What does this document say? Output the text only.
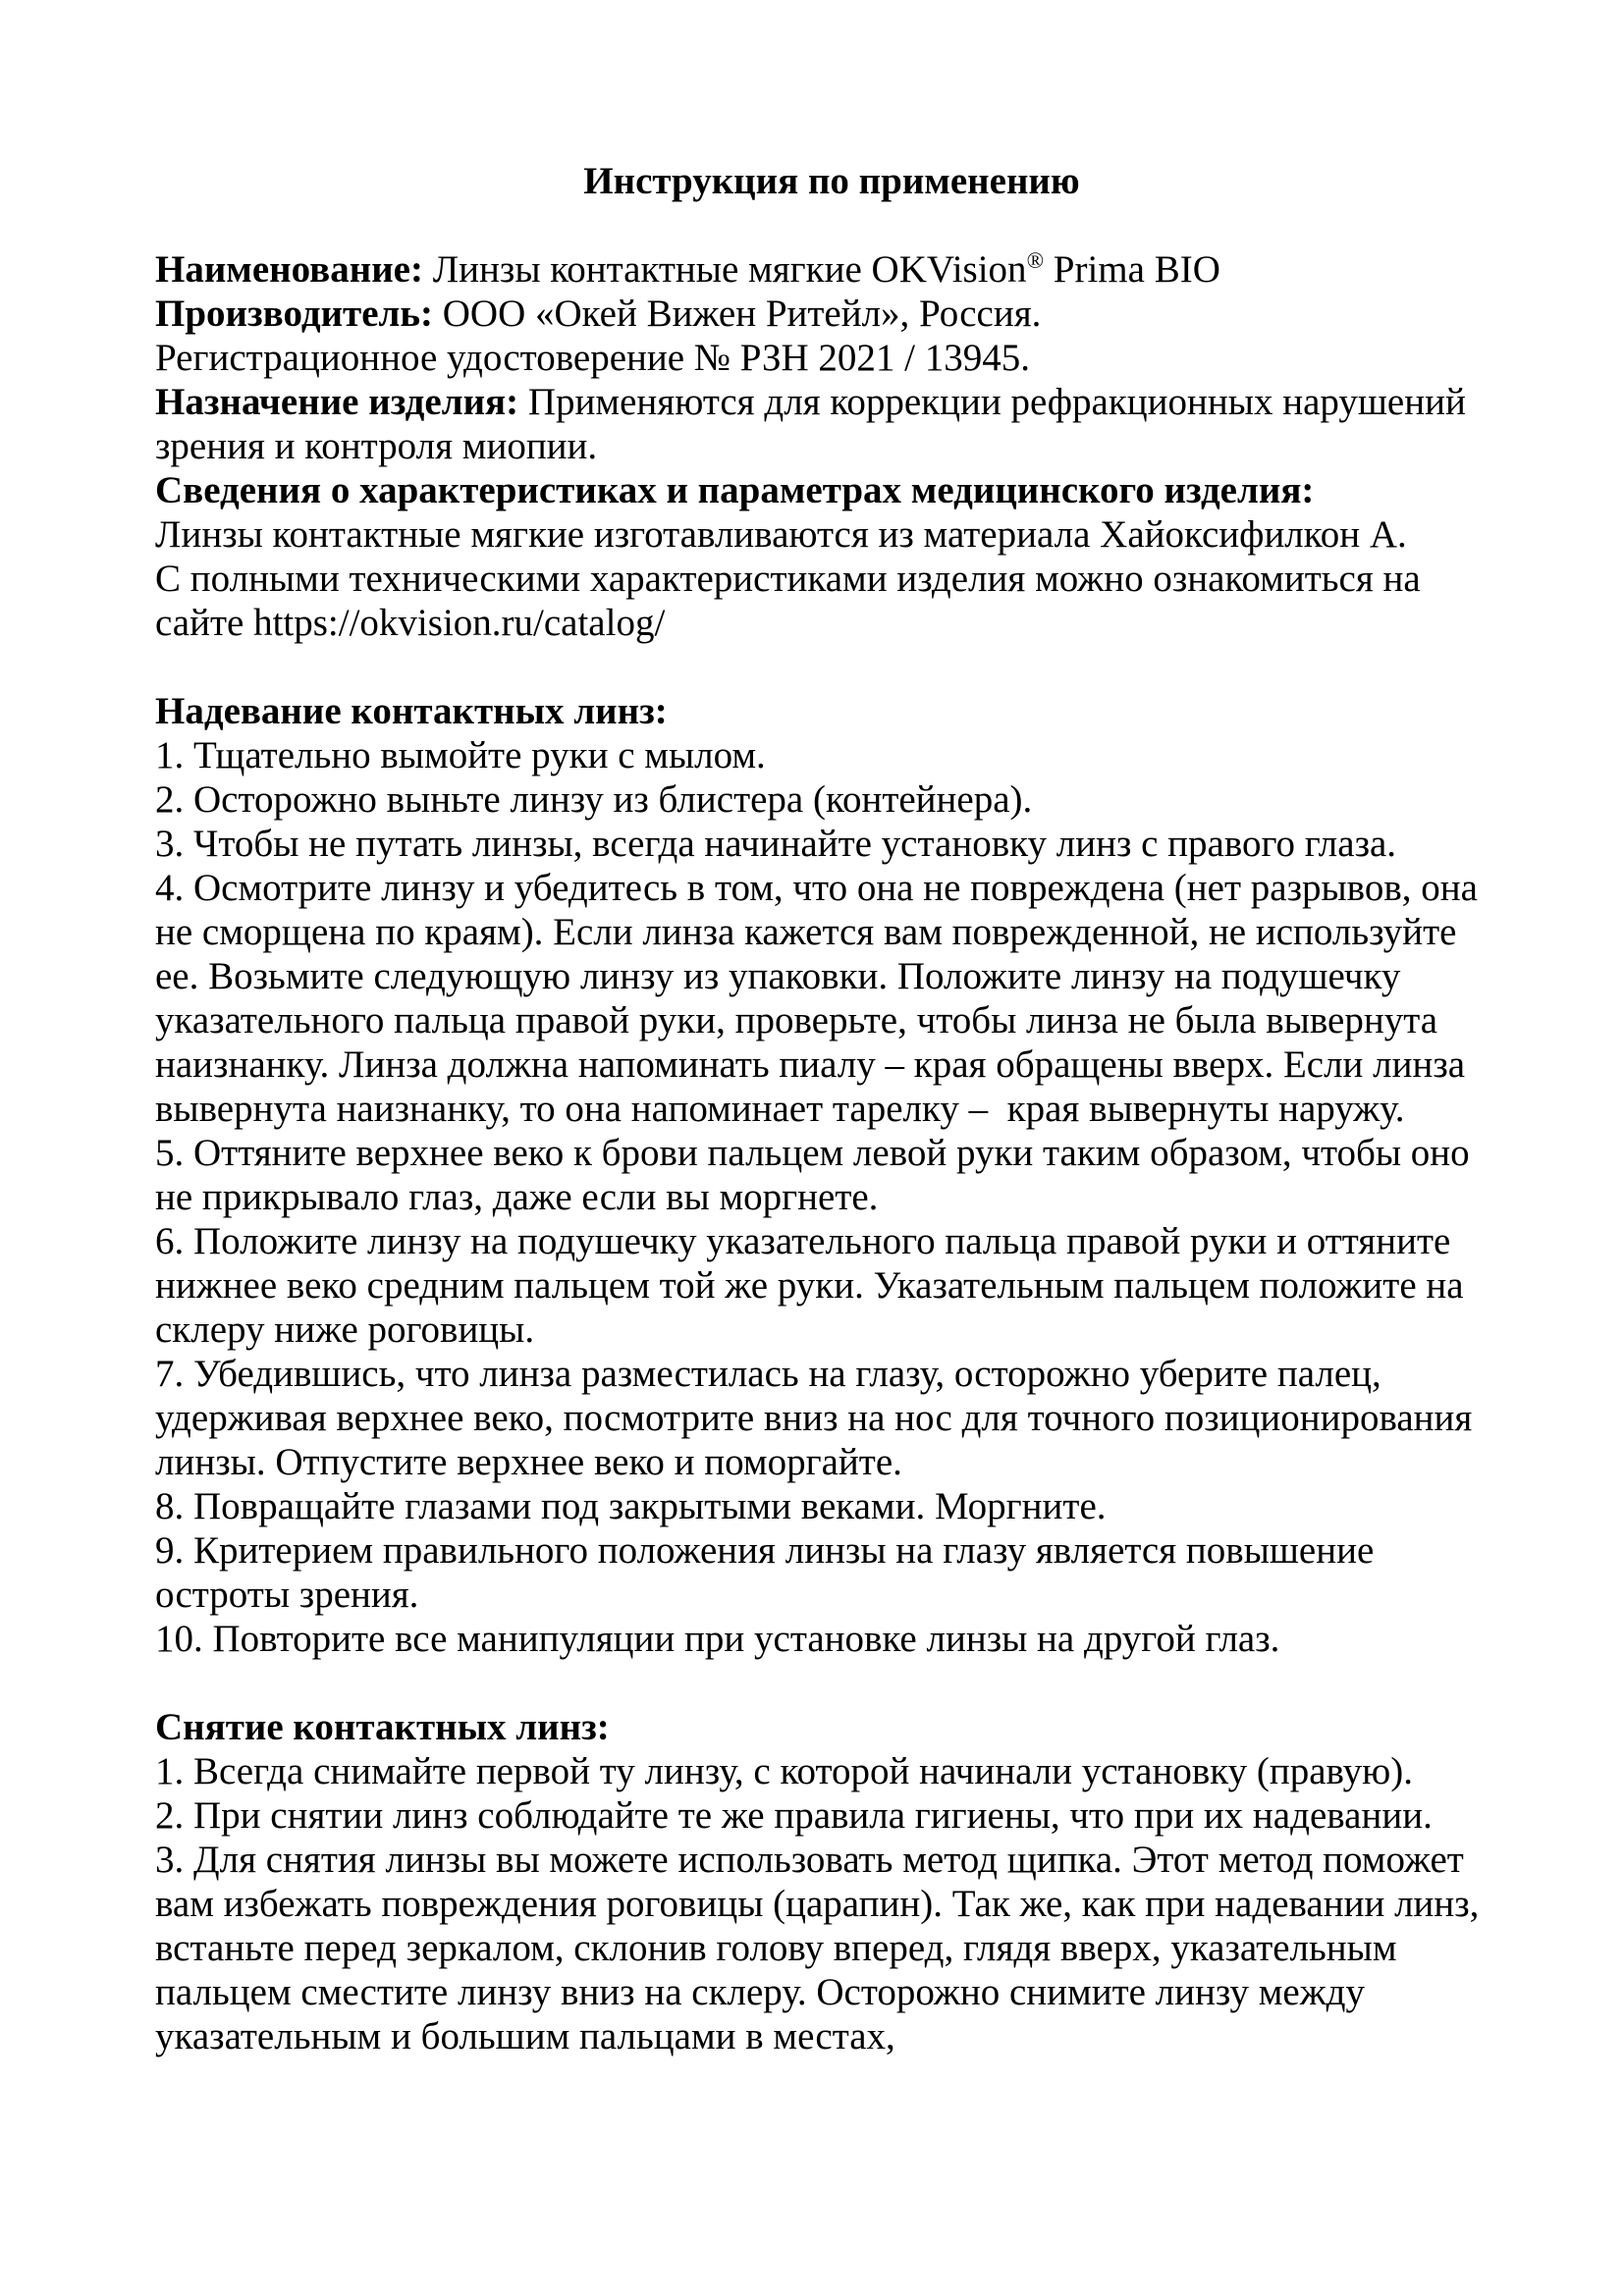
Инструкция по применению

Наименование: Линзы контактные мягкие OKVision® Prima BIO

Производитель: ООО «Окей Вижен Ритейл», Россия.

Регистрационное удостоверение № РЗН 2021 / 13945.

Назначение изделия: Применяются для коррекции рефракционных нарушений зрения и контроля миопии.

Сведения о характеристиках и параметрах медицинского изделия:

Линзы контактные мягкие изготавливаются из материала Хайоксифилкон А.

С полными техническими характеристиками изделия можно ознакомиться на сайте https://okvision.ru/catalog/

Надевание контактных линз:

1. Тщательно вымойте руки с мылом.

2. Осторожно выньте линзу из блистера (контейнера).

3. Чтобы не путать линзы, всегда начинайте установку линз с правого глаза.

4. Осмотрите линзу и убедитесь в том, что она не повреждена (нет разрывов, она не сморщена по краям). Если линза кажется вам поврежденной, не используйте ее. Возьмите следующую линзу из упаковки. Положите линзу на подушечку указательного пальца правой руки, проверьте, чтобы линза не была вывернута наизнанку. Линза должна напоминать пиалу – края обращены вверх. Если линза вывернута наизнанку, то она напоминает тарелку –  края вывернуты наружу.

5. Оттяните верхнее веко к брови пальцем левой руки таким образом, чтобы оно не прикрывало глаз, даже если вы моргнете.

6. Положите линзу на подушечку указательного пальца правой руки и оттяните нижнее веко средним пальцем той же руки. Указательным пальцем положите на склеру ниже роговицы.

7. Убедившись, что линза разместилась на глазу, осторожно уберите палец, удерживая верхнее веко, посмотрите вниз на нос для точного позиционирования линзы. Отпустите верхнее веко и поморгайте.

8. Повращайте глазами под закрытыми веками. Моргните.

9. Критерием правильного положения линзы на глазу является повышение остроты зрения.

10. Повторите все манипуляции при установке линзы на другой глаз.

Снятие контактных линз:

1. Всегда снимайте первой ту линзу, с которой начинали установку (правую).

2. При снятии линз соблюдайте те же правила гигиены, что при их надевании.

3. Для снятия линзы вы можете использовать метод щипка. Этот метод поможет вам избежать повреждения роговицы (царапин). Так же, как при надевании линз, встаньте перед зеркалом, склонив голову вперед, глядя вверх, указательным пальцем сместите линзу вниз на склеру. Осторожно снимите линзу между указательным и большим пальцами в местах,
